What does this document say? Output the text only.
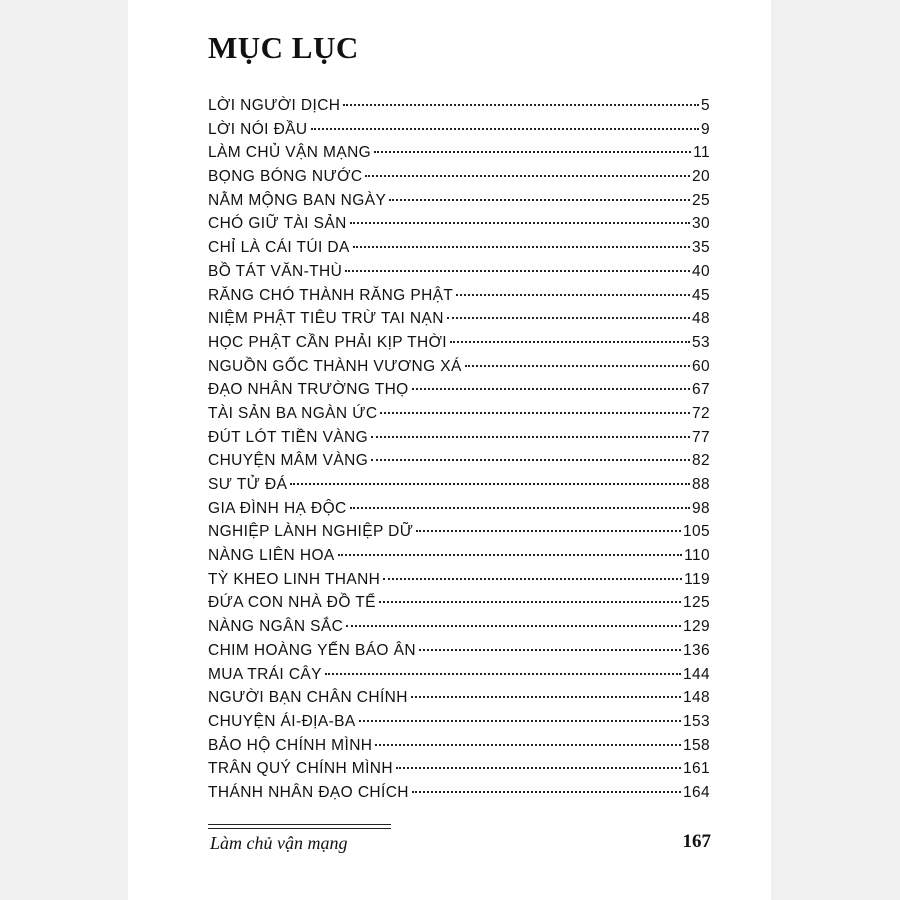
MỤC LỤC
LỜI NGƯỜI DỊCH	5
LỜI NÓI ĐẦU	9
LÀM CHỦ VẬN MẠNG	11
BỌNG BÓNG NƯỚC	20
NẰM MỘNG BAN NGÀY	25
CHÓ GIỮ TÀI SẢN	30
CHỈ LÀ CÁI TÚI DA	35
BỒ TÁT VĂN-THÙ	40
RĂNG CHÓ THÀNH RĂNG PHẬT	45
NIỆM PHẬT TIÊU TRỪ TAI NẠN	48
HỌC PHẬT CẦN PHẢI KỊP THỜI	53
NGUỒN GỐC THÀNH VƯƠNG XÁ	60
ĐẠO NHÂN TRƯỜNG THỌ	67
TÀI SẢN BA NGÀN ỨC	72
ĐÚT LÓT TIỀN VÀNG	77
CHUYỆN MÂM VÀNG	82
SƯ TỬ ĐÁ	88
GIA ĐÌNH HẠ ĐỘC	98
NGHIỆP LÀNH NGHIỆP DỮ	105
NÀNG LIÊN HOA	110
TỲ KHEO LINH THANH	119
ĐỨA CON NHÀ ĐỒ TỂ	125
NÀNG NGÂN SẮC	129
CHIM HOÀNG YẾN BÁO ÂN	136
MUA TRÁI CÂY	144
NGƯỜI BẠN CHÂN CHÍNH	148
CHUYỆN ÁI-ĐỊA-BA	153
BẢO HỘ CHÍNH MÌNH	158
TRÂN QUÝ CHÍNH MÌNH	161
THÁNH NHÂN ĐẠO CHÍCH	164
Làm chủ vận mạng	167
